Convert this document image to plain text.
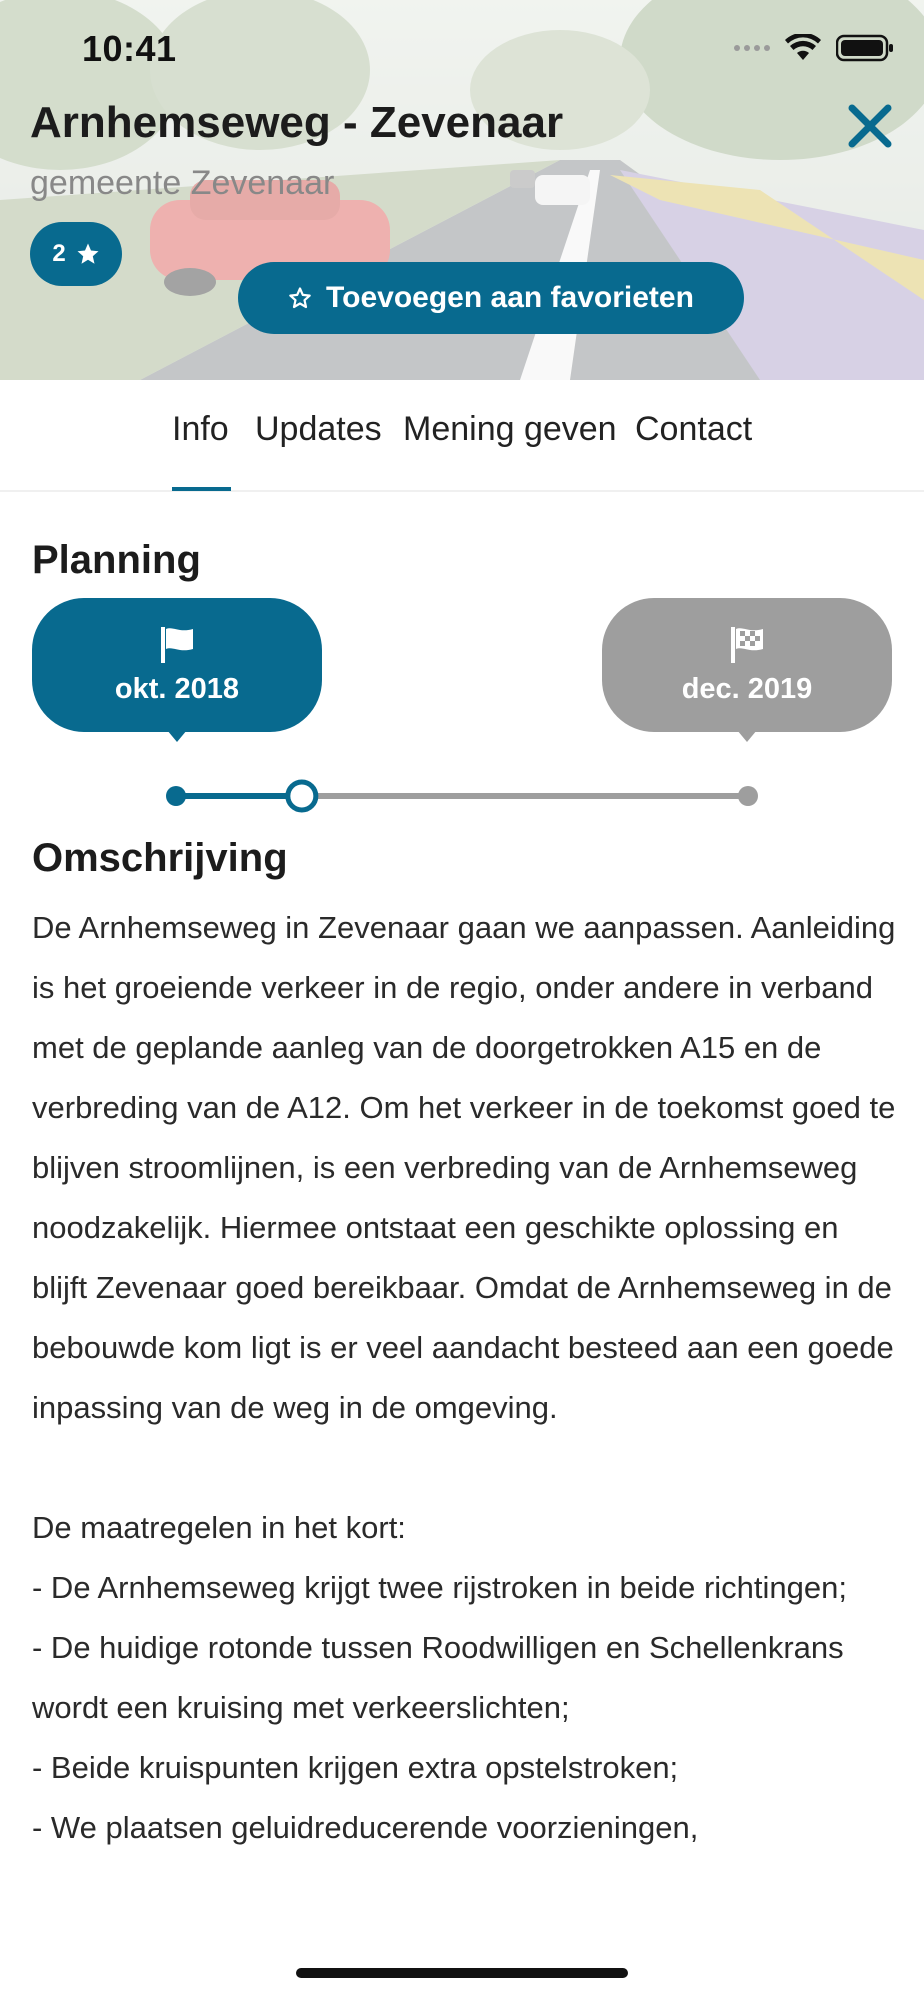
10:41
Arnhemseweg - Zevenaar
gemeente Zevenaar
2
Toevoegen aan favorieten
Info Updates Mening geven Contact
Planning
okt. 2018	dec. 2019
Omschrijving

De Arnhemseweg in Zevenaar gaan we aanpassen. Aanleiding is het groeiende verkeer in de regio, onder andere in verband met de geplande aanleg van de doorgetrokken A15 en de verbreding van de A12. Om het verkeer in de toekomst goed te blijven stroomlijnen, is een verbreding van de Arnhemseweg noodzakelijk. Hiermee ontstaat een geschikte oplossing en blijft Zevenaar goed bereikbaar. Omdat de Arnhemseweg in de bebouwde kom ligt is er veel aandacht besteed aan een goede inpassing van de weg in de omgeving.

De maatregelen in het kort:

- De Arnhemseweg krijgt twee rijstroken in beide richtingen;

- De huidige rotonde tussen Roodwilligen en Schellenkrans wordt een kruising met verkeerslichten;

- Beide kruispunten krijgen extra opstelstroken;

- We plaatsen geluidreducerende voorzieningen,
